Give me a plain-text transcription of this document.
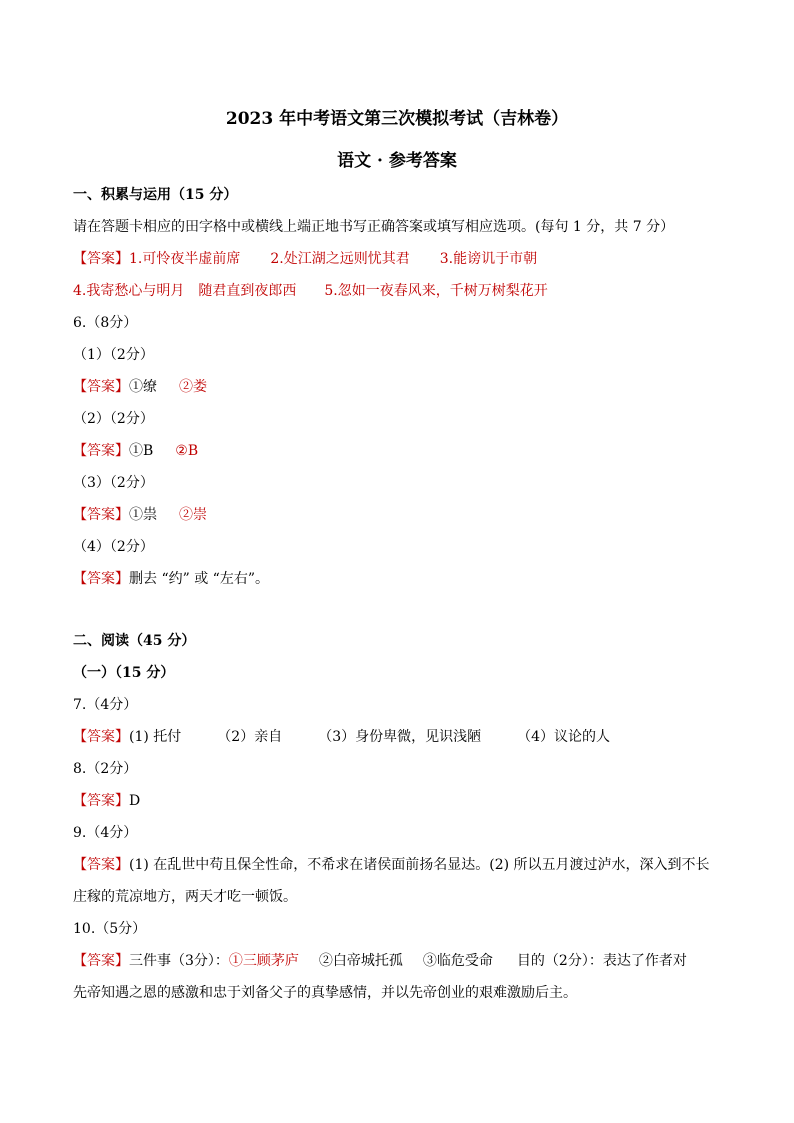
2023 年中考语文第三次模拟考试（吉林卷）
语文 · 参考答案
一、积累与运用（15 分）
请在答题卡相应的田字格中或横线上端正地书写正确答案或填写相应选项。(每句 1 分，共 7 分）
【答案】1.可怜夜半虚前席 2.处江湖之远则忧其君 3.能谤讥于市朝
4.我寄愁心与明月　随君直到夜郎西 5.忽如一夜春风来，千树万树梨花开
6.（8分）
（1）（2分）
【答案】①缭 ②娄
（2）（2分）
【答案】①B ②B
（3）（2分）
【答案】①祟 ②崇
（4）（2分）
【答案】删去 “约” 或 “左右”。
二、阅读（45 分）
（一）（15 分）
7.（4分）
【答案】(1) 托付	（2）亲自	（3）身份卑微，见识浅陋	（4）议论的人
8.（2分）
【答案】D
9.（4分）
【答案】(1) 在乱世中苟且保全性命，不希求在诸侯面前扬名显达。(2) 所以五月渡过泸水，深入到不长
庄稼的荒凉地方，两天才吃一顿饭。
10.（5分）
【答案】三件事（3分）：①三顾茅庐 ②白帝城托孤 ③临危受命 目的（2分）：表达了作者对
先帝知遇之恩的感激和忠于刘备父子的真挚感情，并以先帝创业的艰难激励后主。
